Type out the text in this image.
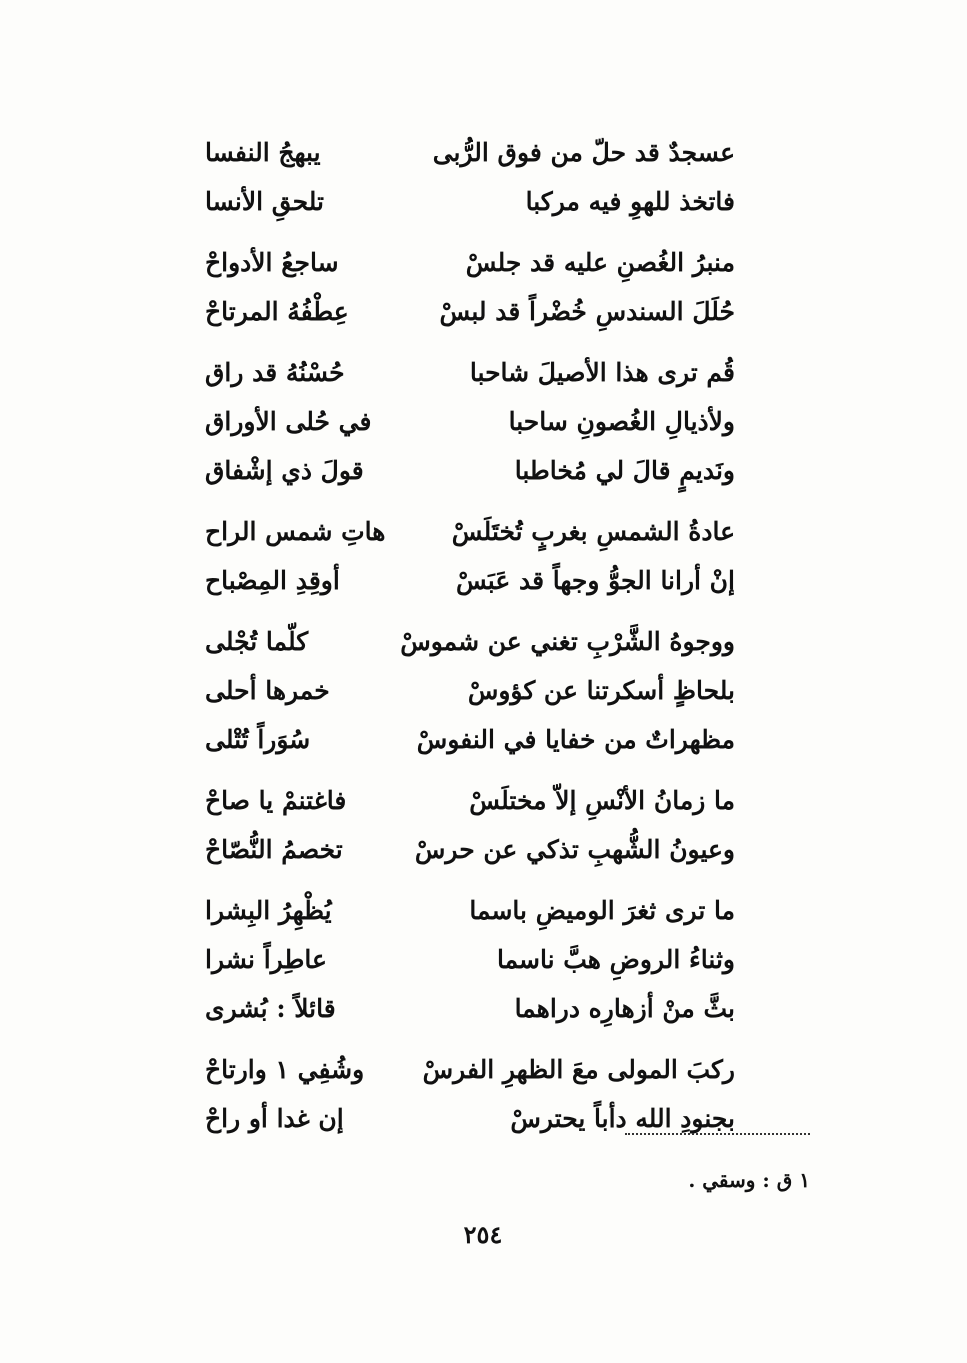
عسجدٌ قد حلّ من فوق الرُّبى
يبهجُ النفسا
فاتخذ للهوِ فيه مركبا
تلحقِ الأنسا
منبرُ الغُصنِ عليه قد جلسْ
ساجعُ الأدواحْ
حُلَلَ السندسِ خُضْراً قد لبسْ
عِطْفُهُ المرتاحْ
قُم ترى هذا الأصيلَ شاحبا
حُسْنُهُ قد راق
ولأذيالِ الغُصونِ ساحبا
في حُلى الأوراق
ونَديمٍ قالَ لي مُخاطبا
قولَ ذي إشْفاق
عادةُ الشمسِ بغربٍ تُختَلَسْ
هاتِ شمس الراح
إنْ أرانا الجوُّ وجهاً قد عَبَسْ
أوقِدِ المِصْباح
ووجوهُ الشَّرْبِ تغني عن شموسْ
كلّما تُجْلى
بلحاظٍ أسكرتنا عن كؤوسْ
خمرها أحلى
مظهراتٌ من خفايا في النفوسْ
سُوَراً تُتْلى
ما زمانُ الأنْسِ إلاّ مختلَسْ
فاغتنمْ يا صاحْ
وعيونُ الشُّهبِ تذكي عن حرسْ
تخصمُ النُّصّاحْ
ما ترى ثغرَ الوميضِ باسما
يُظْهِرُ البِشرا
وثناءُ الروضِ هبَّ ناسما
عاطِراً نشرا
بثَّ منْ أزهارِه دراهما
قائلاً : بُشرى
ركبَ المولى معَ الظهرِ الفرسْ
وشُفِي ١ وارتاحْ
بجنودِ الله دأباً يحترسْ
إن غدا أو راحْ
١ ق : وسقي .
٢٥٤
